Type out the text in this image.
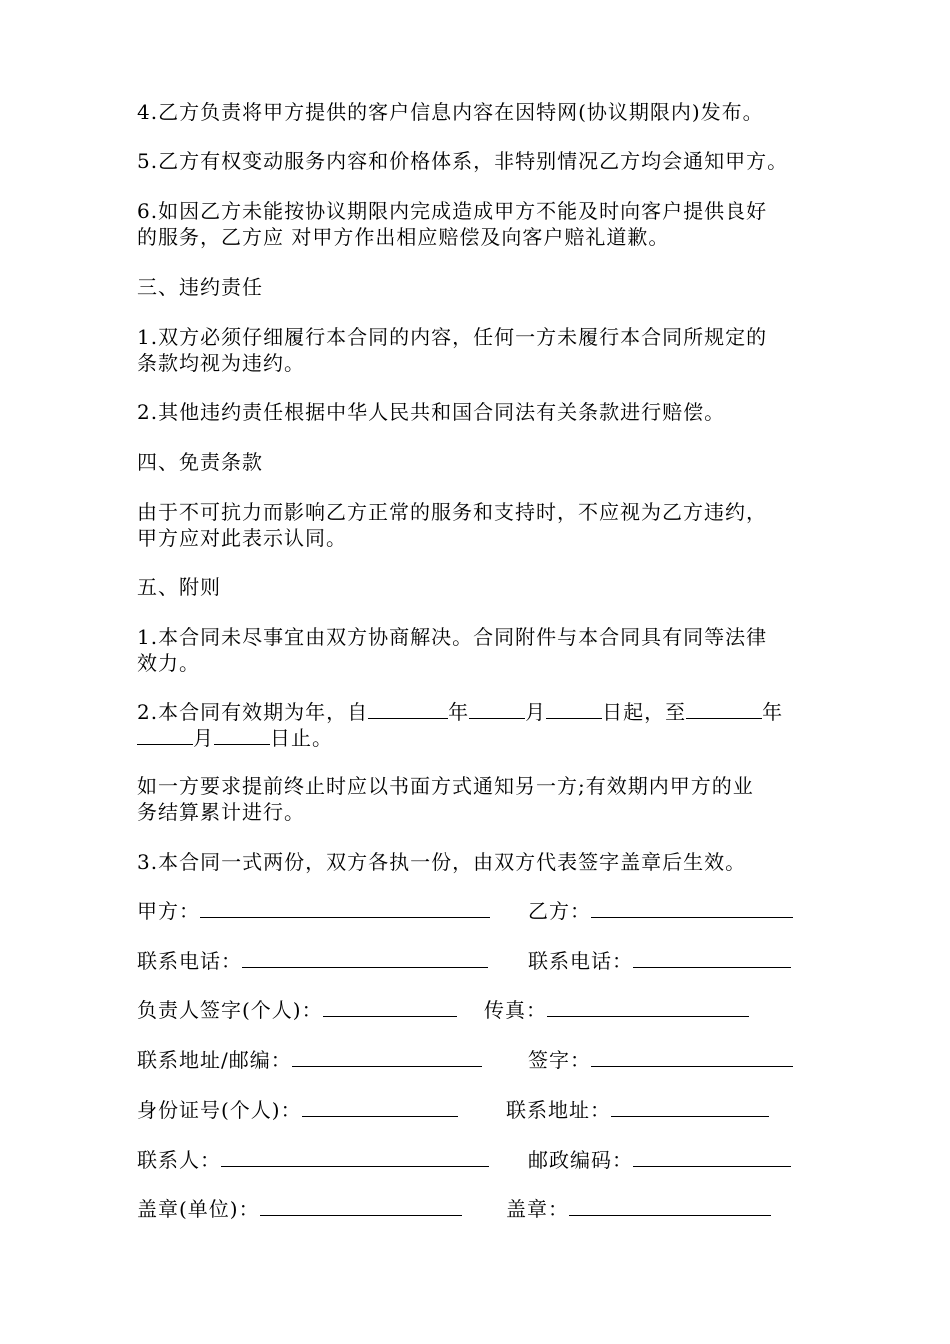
4.乙方负责将甲方提供的客户信息内容在因特网(协议期限内)发布。
5.乙方有权变动服务内容和价格体系，非特别情况乙方均会通知甲方。
6.如因乙方未能按协议期限内完成造成甲方不能及时向客户提供良好
的服务，乙方应 对甲方作出相应赔偿及向客户赔礼道歉。
三、违约责任
1.双方必须仔细履行本合同的内容，任何一方未履行本合同所规定的
条款均视为违约。
2.其他违约责任根据中华人民共和国合同法有关条款进行赔偿。
四、免责条款
由于不可抗力而影响乙方正常的服务和支持时，不应视为乙方违约，
甲方应对此表示认同。
五、附则
1.本合同未尽事宜由双方协商解决。合同附件与本合同具有同等法律
效力。
2.本合同有效期为年，自	年	月	日起，至	年
月	日止。
如一方要求提前终止时应以书面方式通知另一方;有效期内甲方的业
务结算累计进行。
3.本合同一式两份，双方各执一份，由双方代表签字盖章后生效。
甲方：	乙方：
联系电话：	联系电话：
负责人签字(个人)：	传真：
联系地址/邮编：	签字：
身份证号(个人)：	联系地址：
联系人：	邮政编码：
盖章(单位)：	盖章：
